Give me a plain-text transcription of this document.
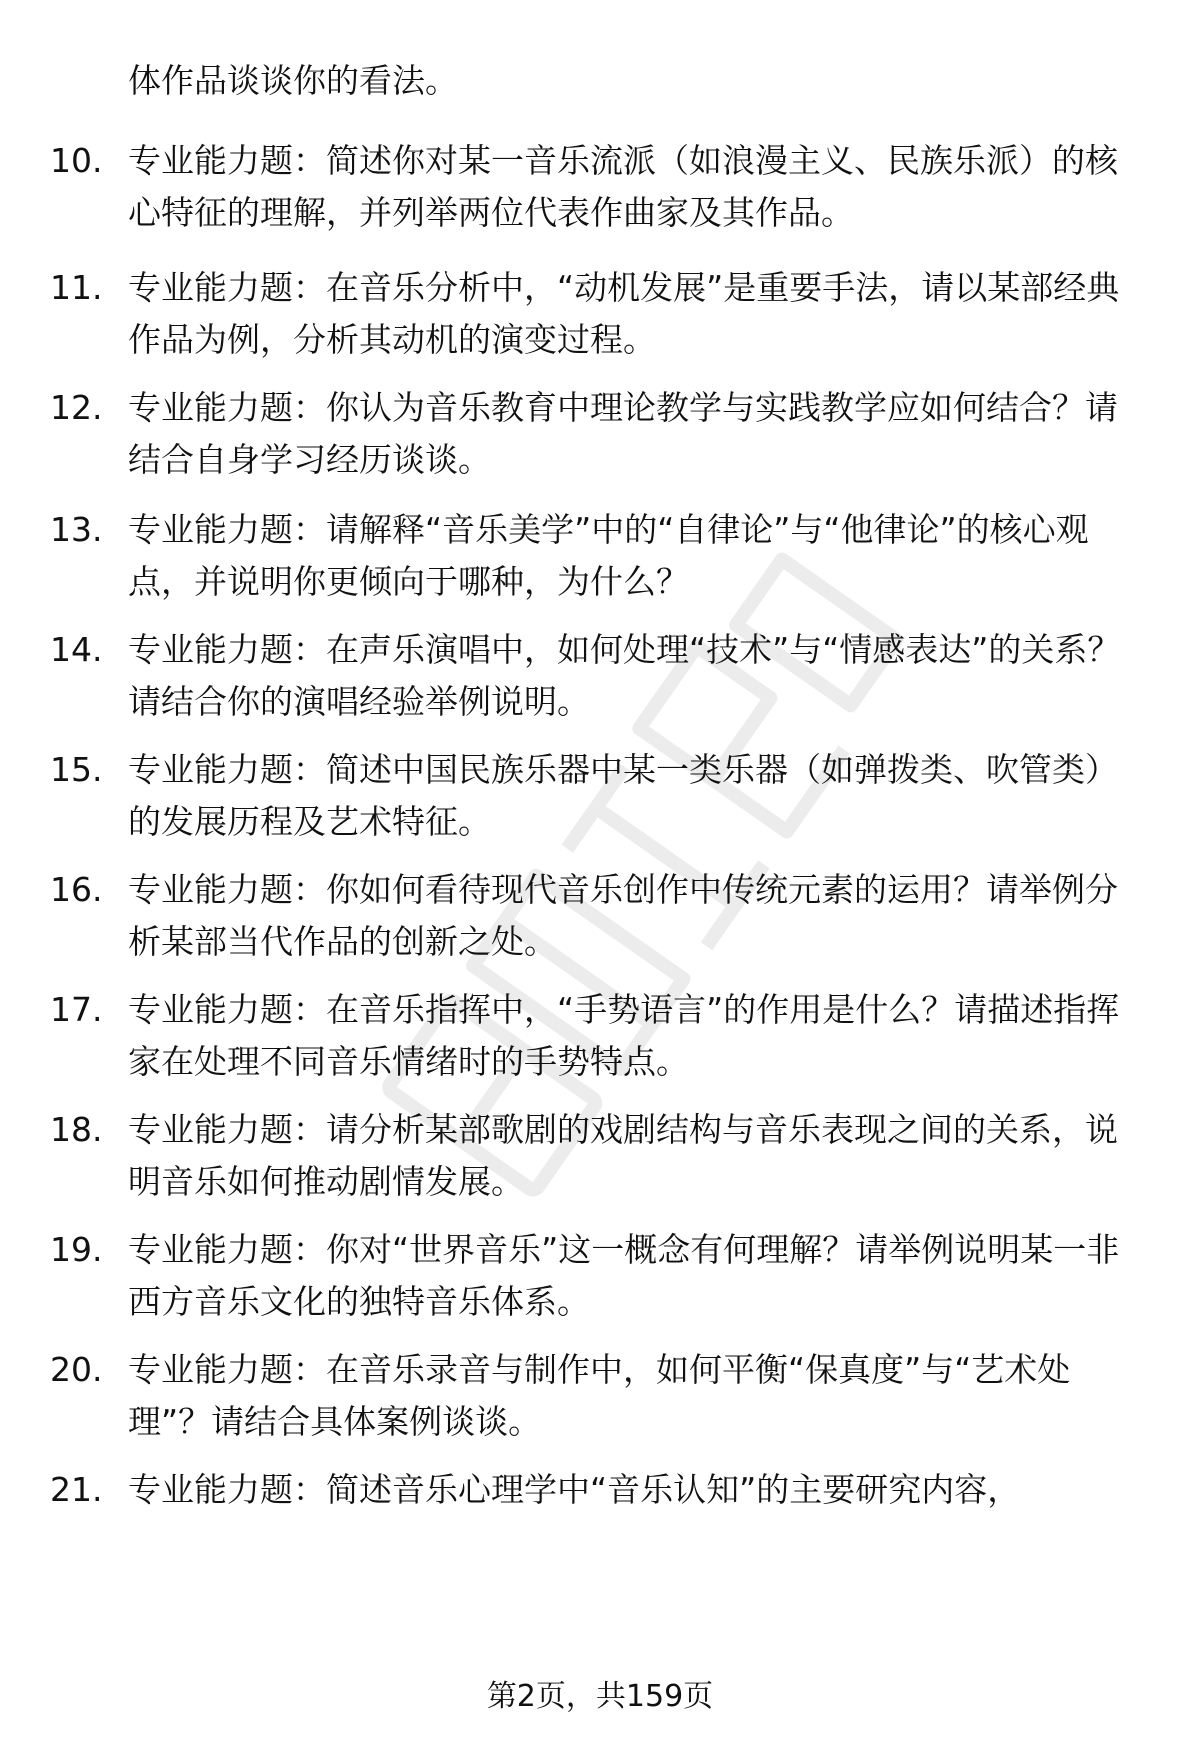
体作品谈谈你的看法。
10. 专业能力题：简述你对某一音乐流派（如浪漫主义、民族乐派）的核心特征的理解，并列举两位代表作曲家及其作品。
11. 专业能力题：在音乐分析中，“动机发展”是重要手法，请以某部经典作品为例，分析其动机的演变过程。
12. 专业能力题：你认为音乐教育中理论教学与实践教学应如何结合？请结合自身学习经历谈谈。
13. 专业能力题：请解释“音乐美学”中的“自律论”与“他律论”的核心观点，并说明你更倾向于哪种，为什么？
14. 专业能力题：在声乐演唱中，如何处理“技术”与“情感表达”的关系？请结合你的演唱经验举例说明。
15. 专业能力题：简述中国民族乐器中某一类乐器（如弹拨类、吹管类）的发展历程及艺术特征。
16. 专业能力题：你如何看待现代音乐创作中传统元素的运用？请举例分析某部当代作品的创新之处。
17. 专业能力题：在音乐指挥中，“手势语言”的作用是什么？请描述指挥家在处理不同音乐情绪时的手势特点。
18. 专业能力题：请分析某部歌剧的戏剧结构与音乐表现之间的关系，说明音乐如何推动剧情发展。
19. 专业能力题：你对“世界音乐”这一概念有何理解？请举例说明某一非西方音乐文化的独特音乐体系。
20. 专业能力题：在音乐录音与制作中，如何平衡“保真度”与“艺术处理”？请结合具体案例谈谈。
21. 专业能力题：简述音乐心理学中“音乐认知”的主要研究内容，
第2页，共159页
